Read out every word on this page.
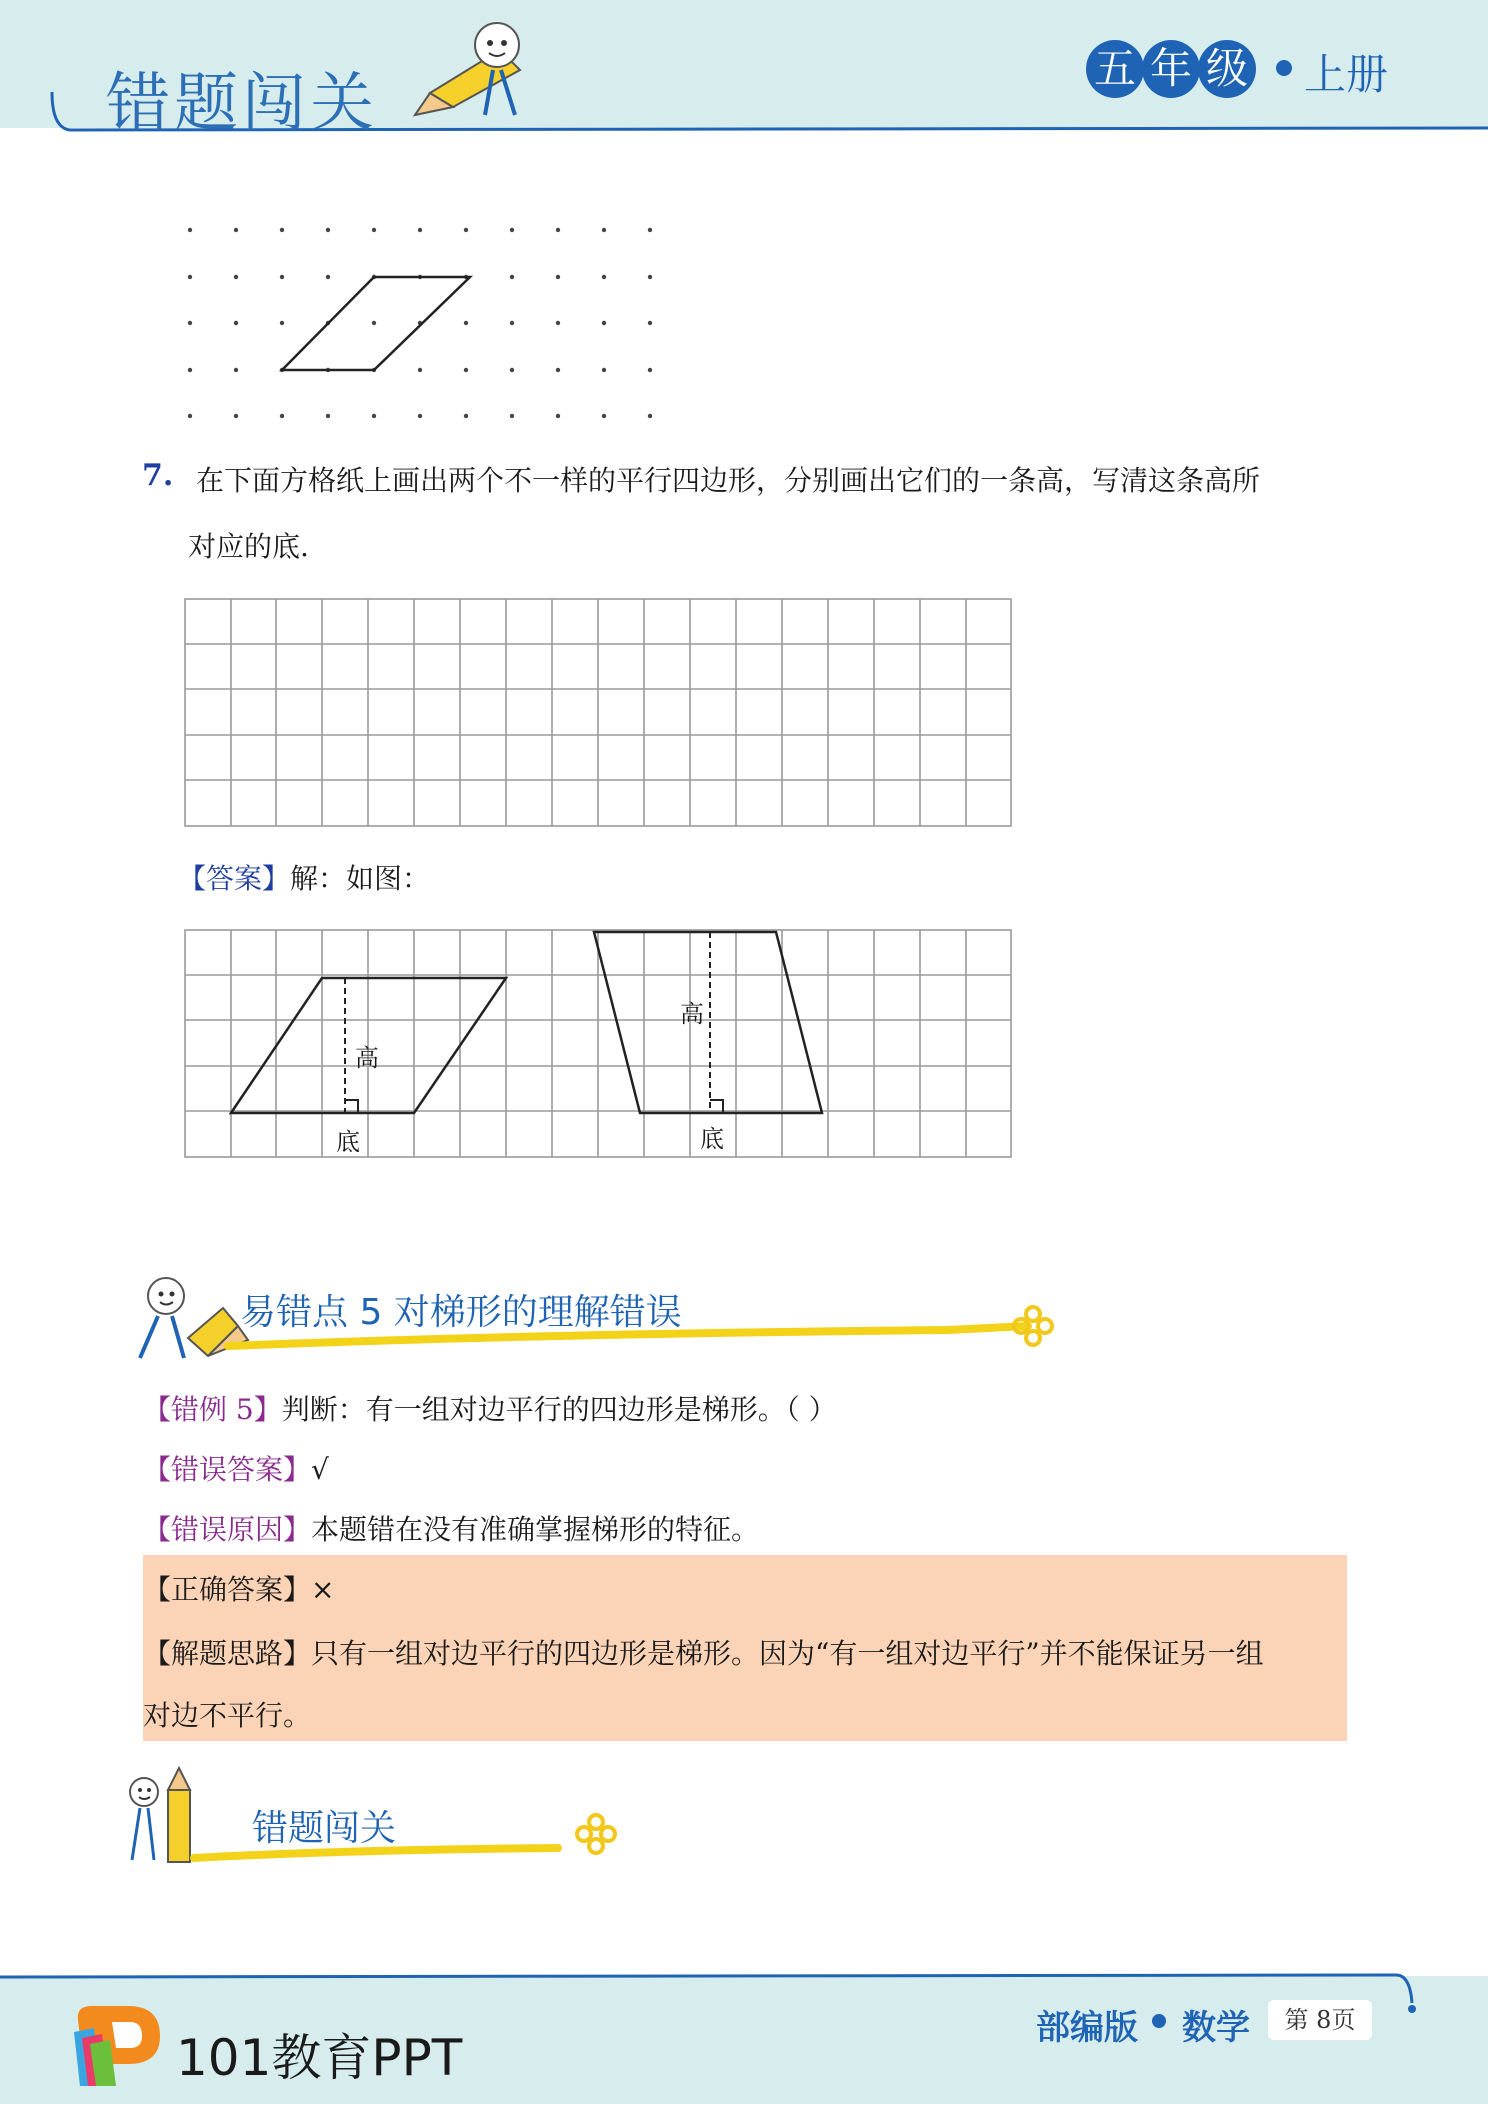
错题闯关	五 年 级 上册
7. 在下面方格纸上画出两个不一样的平行四边形，分别画出它们的一条高，写清这条高所
对应的底.
【答案】解：如图：
高
底
高
底
易错点 5 对梯形的理解错误
【错例 5】判断：有一组对边平行的四边形是梯形。（ ）
【错误答案】√
【错误原因】本题错在没有准确掌握梯形的特征。
【正确答案】×
【解题思路】只有一组对边平行的四边形是梯形。因为“有一组对边平行”并不能保证另一组
对边不平行。
错题闯关
101教育PPT
部编版 数学	第 8页
